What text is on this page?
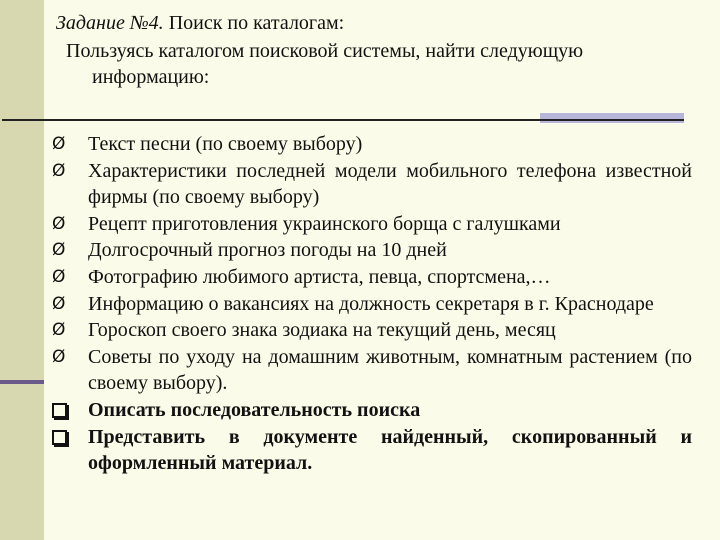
Задание №4. Поиск по каталогам:

Пользуясь каталогом поисковой системы, найти следующую

информацию:

Ø	Текст песни (по своему выбору)
Ø	Характеристики последней модели мобильного телефона известной фирмы (по своему выбору)
Ø	Рецепт приготовления украинского борща с галушками
Ø	Долгосрочный прогноз погоды на 10 дней
Ø	Фотографию любимого артиста, певца, спортсмена,…
Ø	Информацию о вакансиях на должность секретаря в г. Краснодаре
Ø	Гороскоп своего знака зодиака на текущий день, месяц
Ø	Советы по уходу на домашним животным, комнатным растением (по своему выбору).
Описать последовательность поиска
Представить в документе найденный, скопированный и оформленный материал.
